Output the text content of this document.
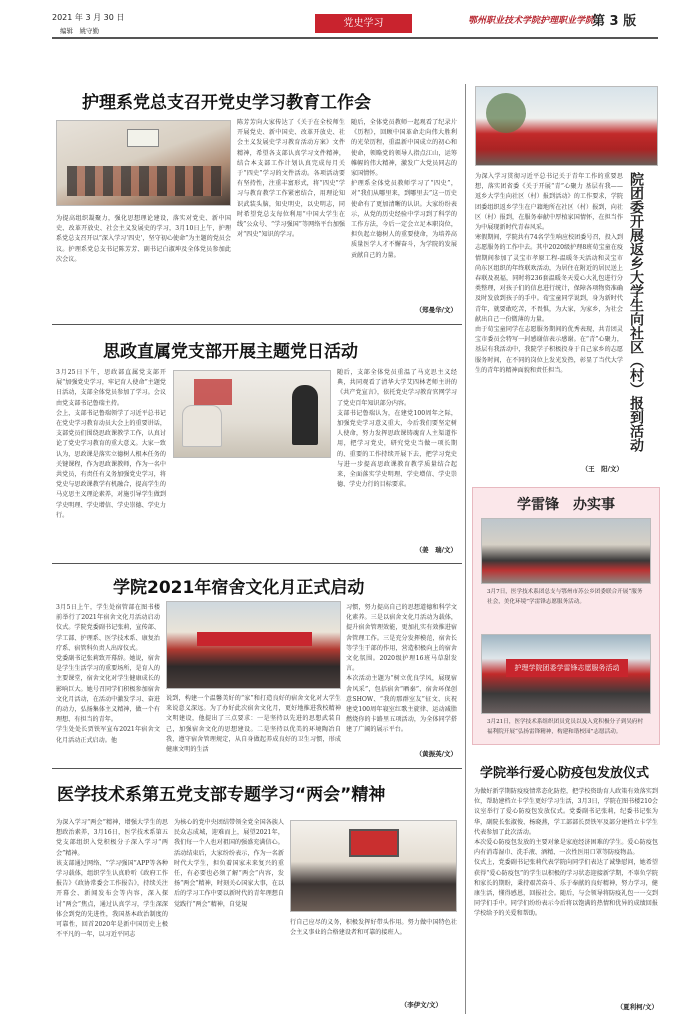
2021 年 3 月 30 日
编辑　姚守勤
党史学习	鄂州职业技术学院护理职业学院
第 3 版
护理系党总支召开党史学习教育工作会
为提高组织凝聚力，强化思想理论建设，落实对党史、新中国史、改革开放史、社会主义发展史的学习，3月10日上午，护理系党总支召开以“深入学习‘四史’，坚守初心使命”为主题的党员会议。护理系党总支书记陈芳芳、副书记白淑坤及全体党员参加此次会议。
陈芳芳向大家传达了《关于在全校师生开展党史、新中国史、改革开放史、社会主义发展史学习教育活动方案》文件精神，希望各支部认真学习文件精神，结合本支部工作计划认真完成每月关于“四史”学习的文件活动。各项活动要有坚持性，注重丰富形式，将“四史”学习与教育教学工作紧密结合，用理论知识武装头脑，知史明史，以史明志，同时希望党总支每位利用“中国大学生在线”公众号、“学习强国”等网络平台加强对“四史”知识的学习。
随后，全体党员教师一起观看了纪录片《历程》，回顾中国革命走向伟大胜利的光荣历程，重温新中国成立的初心和使命，领略党的领导人指点江山，运筹帷幄的伟大精神，激发广大党员同志的家国情怀。
护理系全体党员教师学习了“四史”，对“我们从哪里来，到哪里去”这一历史使命有了更加清晰的认识。大家纷纷表示，从党的历史经验中学习到了科学的工作方法，今后一定会立足本职岗位，担负起立德树人的重要使命，为培养高质量医学人才不懈奋斗，为学院的发展贡献自己的力量。
（郑曼华/文）
思政直属党支部开展主题党日活动
3月25日下午，思政部直属党支部开展“加强党史学习，牢记育人使命”主题党日活动，支部全体党员参加了学习。会议由党支部书记鲁瑞主持。
会上，支部书记鲁瑞领学了习近平总书记在党史学习教育动员大会上的重要讲话，支部党员们围绕思政课教学工作，认真讨论了党史学习教育的重大意义。大家一致认为，思政课是落实立德树人根本任务的关键课程，作为思政课教师，作为一名中共党员，有责任有义务加强党史学习，将党史与思政课教学有机融合，提高学生的马克思主义理论素养，对施引导学生做到学史明理、学史增信、学史崇德、学史力行。
随后，支部全体党员重温了马克思主义经典，共同观看了清华大学艾四林老师主讲的《共产党宣言》，依托党史学习教育官网学习了党史百年知识部分内容。
支部书记鲁瑞认为，在建党100周年之际，加强党史学习意义重大，今后我们要坚定树人使命，努力发挥思政课铸魂育人主渠道作用，把学习党史，研究党史当做一项长期的、重要的工作持续开展下去，把学习党史与进一步提高思政课教育教学质量结合起来，全面落实学史明理、学史增信、学史崇德、学史力行的目标要求。
（姜　瑞/文）
学院2021年宿舍文化月正式启动
3月5日上午，学生处宿管部在图书楼前举行了2021年宿舍文化月活动启动仪式。学院党委副书记张莉，宣传部、学工部、护理系、医学技术系、康复治疗系、宿管科负责人出席仪式。
党委副书记张莉致开幕辞。她说，宿舍是学生生活学习的重要场所，是育人的主要课堂，宿舍文化对学生健康成长的影响巨大。她号召同学们积极参加宿舍文化月活动，在活动中激发学习、奋进的动力，弘扬集体主义精神，做一个有理想、有担当的青年。
学生处处长贾铁军宣布2021年宿舍文化月活动正式启动。他
说到，构建一个温馨美好的“家”和打造良好的宿舍文化对大学生来说意义深远。为了办好此次宿舍文化月，更好地推进我校精神文明建设，他提出了三点要求：一是坚持以先进的思想武装自己，加强宿舍文化的思想建设。二是坚持以优美的环境陶冶自我，遵守宿舍管理规定，从自身做起养成良好的卫生习惯，形成健康文明的生活
习惯，努力提高自己的思想道德和科学文化素养。三是以宿舍文化月活动为载体，提升宿舍管理效能，更加扎实有效推进宿舍管理工作。三是充分发挥模范，宿舍长等学生干部的作用，营造积极向上的宿舍文化氛围。2020级护理16班马草甜发言。
本次活动主题为“树立优良学风，展现宿舍风采”，包括宿舍“晒秦”、宿舍环保创意SHOW、“我的那群室友”征文、庆祝建党100周年寝室红歌主旋律、运动减脂燃烧你的卡路里五项活动，为全体同学搭建了广阔的展示平台。
（黄振英/文）
医学技术系第五党支部专题学习“两会”精神
为深入学习“两会”精神，增强大学生的思想政治素养，3月16日，医学技术系第五党支部组织入党积极分子深入学习“两会”精神。
该支部通过网络、“学习强国”APP等各种学习载体，组织学生认真聆听《政府工作报告》《政协常委会工作报告》，持续关注开幕会、新闻发布会等内容，深入探讨“两会”焦点，通过认真学习，学生深深体会到党的先进性，我国基本政治制度的可靠性，回首2020年是新中国历史上极不平凡的一年，以习近平同志
为核心的党中央团结带领全党全国各族人民众志成城，迎难而上，展望2021年，我们每一个人也对祖国的强盛充满信心。
活动结束后，大家纷纷表示，作为一名新时代大学生，担负着国家未来复兴的重任，有必要也必须了解“两会”内容，发扬“两会”精神，时刻关心国家大事，在以后的学习工作中要以新时代的青年理想自觉践行“两会”精神，自觉規
行自己应尽的义务，积极发挥好带头作用。努力做中国特色社会主义事业的合格建设者和可靠的接班人。
（李伊文/文）
院团委开展返乡大学生向社区（村）报到活动
为深入学习贯彻习近平总书记关于青年工作的重要思想，落实团省委《关于开展“青”心聚力 基层有我——返乡大学生向社区（村）报到活动》的工作要求，学院团委组织返乡学生在户籍地所在社区（村）报到，向社区（村）报到，在服务奉献中厚植家国情怀，在担当作为中展现新时代青春风采。
寒假期间，学院共有74名学生响应校团委号召，投入到志愿服务的工作中去。其中2020级护理8班荀宝童在疫情期间参加了灵宝市孝原工程-温暖冬天活动和灵宝市尚东区组织的年终联欢活动，为居住在附近的居民送上春联及祝福，同时将236套温暖冬天爱心大礼包进行分类整理，对孩子们的信息进行统计，保障各项物资准确及时发放到孩子的手中。荀宝童同学说到，身为新时代青年，就要敢吃苦，不畏惧，为大家，为家乡，为社会献出自己一份微薄的力量。
由于荀宝童同学在志愿服务期间的优秀表现，共青团灵宝市委员会特写一封感谢信表示感谢。在“青”心聚力，基层有我活动中，我院学子积极投身于自己家乡的志愿服务时间，在不同的岗位上发光发热，彰显了当代大学生的青年的精神面貌和责任担当。
（王　阳/文）
学雷锋　办实事
3月7日，医学技术系团总支与鄂州市苏公乡团委联合开展“服务社会，美化环境”学雷锋志愿服务活动。
护理学院团委学雷锋志愿服务活动
3月21日，医学技术系组织团员党员以及入党积极分子到吴府村福利院开展“弘扬雷锋精神，构建和谐校园”志愿活动。
学院举行爱心防疫包发放仪式
为做好新学期防疫疫情常态化防控，把学校资助育人政策有效落实到位，帮助建档立卡学生更好学习生活，3月3日，学院在图书楼210会议室举行了爱心防疫包发放仪式。党委副书记张莉，纪委书记张为华，副院长张淑俊、杨晓燕，学工部部长贾铁军及部分建档立卡学生代表参加了此次活动。
本次爱心防疫包发放的主要对象是家庭经济困难的学生。爱心防疫包内有消毒湿巾、洗手液、酒精、一次性医用口罩等防疫物品。
仪式上，党委副书记张莉代表学院向同学们表达了诚挚慰问，她希望获得“爱心防疫包”的学生以积极的学习状态迎接新学期，不辜负学院和家长的期盼，秉持艰苦奋斗、乐于奉献的良好精神，努力学习，健康生活，懂得感恩，回报社会。随后，与会领导将防疫礼包一一交到同学们手中。同学们纷纷表示今后将以饱满的热情和优异的成绩回报学校给予的关爱和帮助。
（夏利柯/文）
